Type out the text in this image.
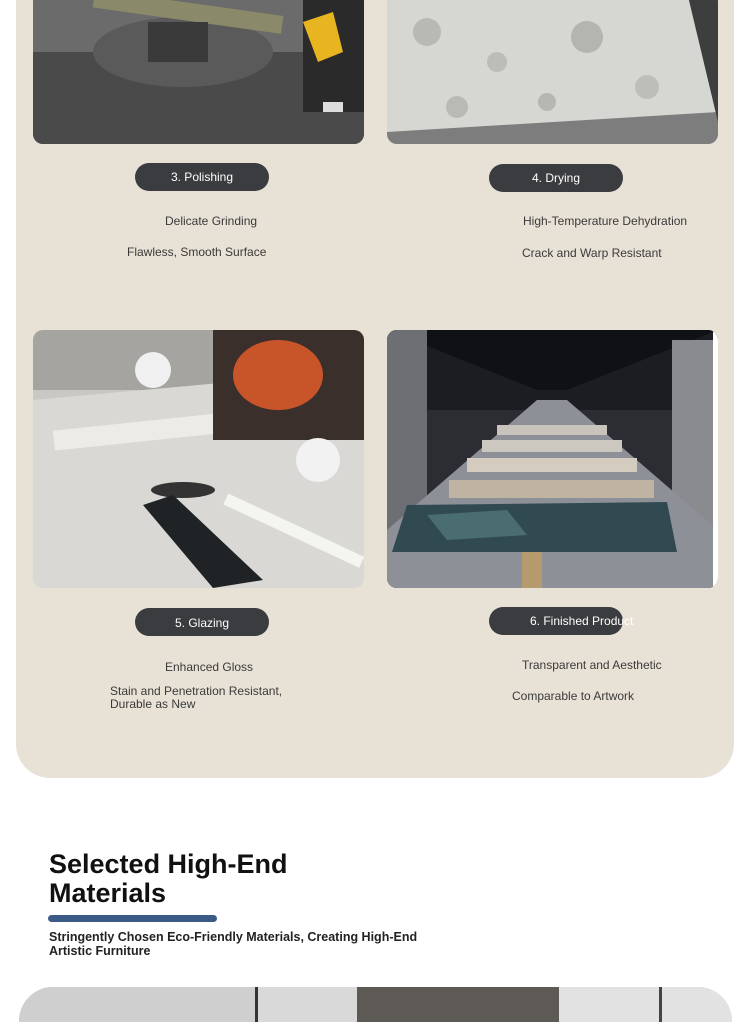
3. Polishing
Delicate Grinding
Flawless, Smooth Surface
4. Drying
High-Temperature Dehydration
Crack and Warp Resistant
5. Glazing
Enhanced Gloss
Stain and Penetration Resistant, Durable as New
6. Finished Product
Transparent and Aesthetic
Comparable to Artwork
Selected High-End Materials
Stringently Chosen Eco-Friendly Materials, Creating High-End Artistic Furniture
